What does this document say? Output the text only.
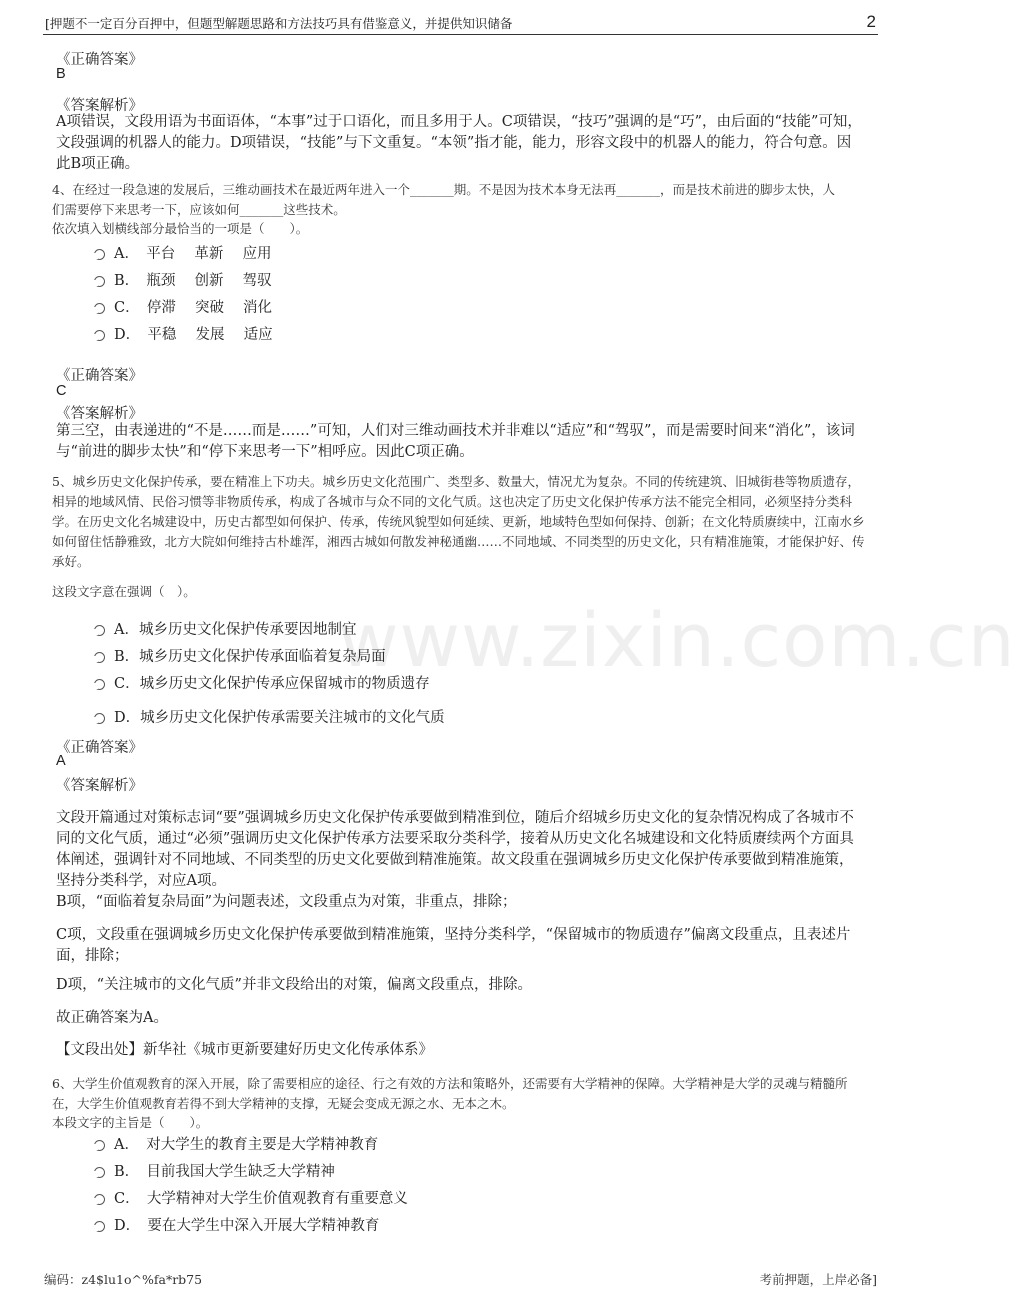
[押题不一定百分百押中，但题型解题思路和方法技巧具有借鉴意义，并提供知识储备	2
www.zixin.com.cn
《正确答案》
B
《答案解析》
A项错误，文段用语为书面语体，“本事”过于口语化，而且多用于人。C项错误，“技巧”强调的是“巧”，由后面的“技能”可知，文段强调的机器人的能力。D项错误，“技能”与下文重复。“本领”指才能，能力，形容文段中的机器人的能力，符合句意。因此B项正确。
4、在经过一段急速的发展后，三维动画技术在最近两年进入一个_______期。不是因为技术本身无法再_______，而是技术前进的脚步太快，人
们需要停下来思考一下，应该如何_______这些技术。
依次填入划横线部分最恰当的一项是（　　）。
A．　平台　 革新　 应用
B．　瓶颈　 创新　 驾驭
C．　停滞　 突破　 消化
D．　平稳　 发展　 适应
《正确答案》
C
《答案解析》
第三空，由表递进的“不是……而是……”可知，人们对三维动画技术并非难以“适应”和“驾驭”，而是需要时间来“消化”，该词与“前进的脚步太快”和“停下来思考一下”相呼应。因此C项正确。
5、城乡历史文化保护传承，要在精准上下功夫。城乡历史文化范围广、类型多、数量大，情况尤为复杂。不同的传统建筑、旧城街巷等物质遗存，相异的地域风情、民俗习惯等非物质传承，构成了各城市与众不同的文化气质。这也决定了历史文化保护传承方法不能完全相同，必须坚持分类科学。在历史文化名城建设中，历史古都型如何保护、传承，传统风貌型如何延续、更新，地域特色型如何保持、创新；在文化特质赓续中，江南水乡如何留住恬静雅致，北方大院如何维持古朴雄浑，湘西古城如何散发神秘通幽……不同地域、不同类型的历史文化，只有精准施策，才能保护好、传承好。
这段文字意在强调（　）。
A．城乡历史文化保护传承要因地制宜
B．城乡历史文化保护传承面临着复杂局面
C．城乡历史文化保护传承应保留城市的物质遗存
D．城乡历史文化保护传承需要关注城市的文化气质
《正确答案》
A
《答案解析》
文段开篇通过对策标志词“要”强调城乡历史文化保护传承要做到精准到位，随后介绍城乡历史文化的复杂情况构成了各城市不同的文化气质，通过“必须”强调历史文化保护传承方法要采取分类科学，接着从历史文化名城建设和文化特质赓续两个方面具体阐述，强调针对不同地域、不同类型的历史文化要做到精准施策。故文段重在强调城乡历史文化保护传承要做到精准施策，坚持分类科学，对应A项。
B项，“面临着复杂局面”为问题表述，文段重点为对策，非重点，排除；
C项，文段重在强调城乡历史文化保护传承要做到精准施策，坚持分类科学，“保留城市的物质遗存”偏离文段重点，且表述片面，排除；
D项，“关注城市的文化气质”并非文段给出的对策，偏离文段重点，排除。
故正确答案为A。
【文段出处】新华社《城市更新要建好历史文化传承体系》
6、大学生价值观教育的深入开展，除了需要相应的途径、行之有效的方法和策略外，还需要有大学精神的保障。大学精神是大学的灵魂与精髓所在，大学生价值观教育若得不到大学精神的支撑，无疑会变成无源之水、无本之木。
本段文字的主旨是（　　）。
A．　对大学生的教育主要是大学精神教育
B．　目前我国大学生缺乏大学精神
C．　大学精神对大学生价值观教育有重要意义
D．　要在大学生中深入开展大学精神教育
编码：z4$lu1o^%fa*rb75	考前押题，上岸必备]
